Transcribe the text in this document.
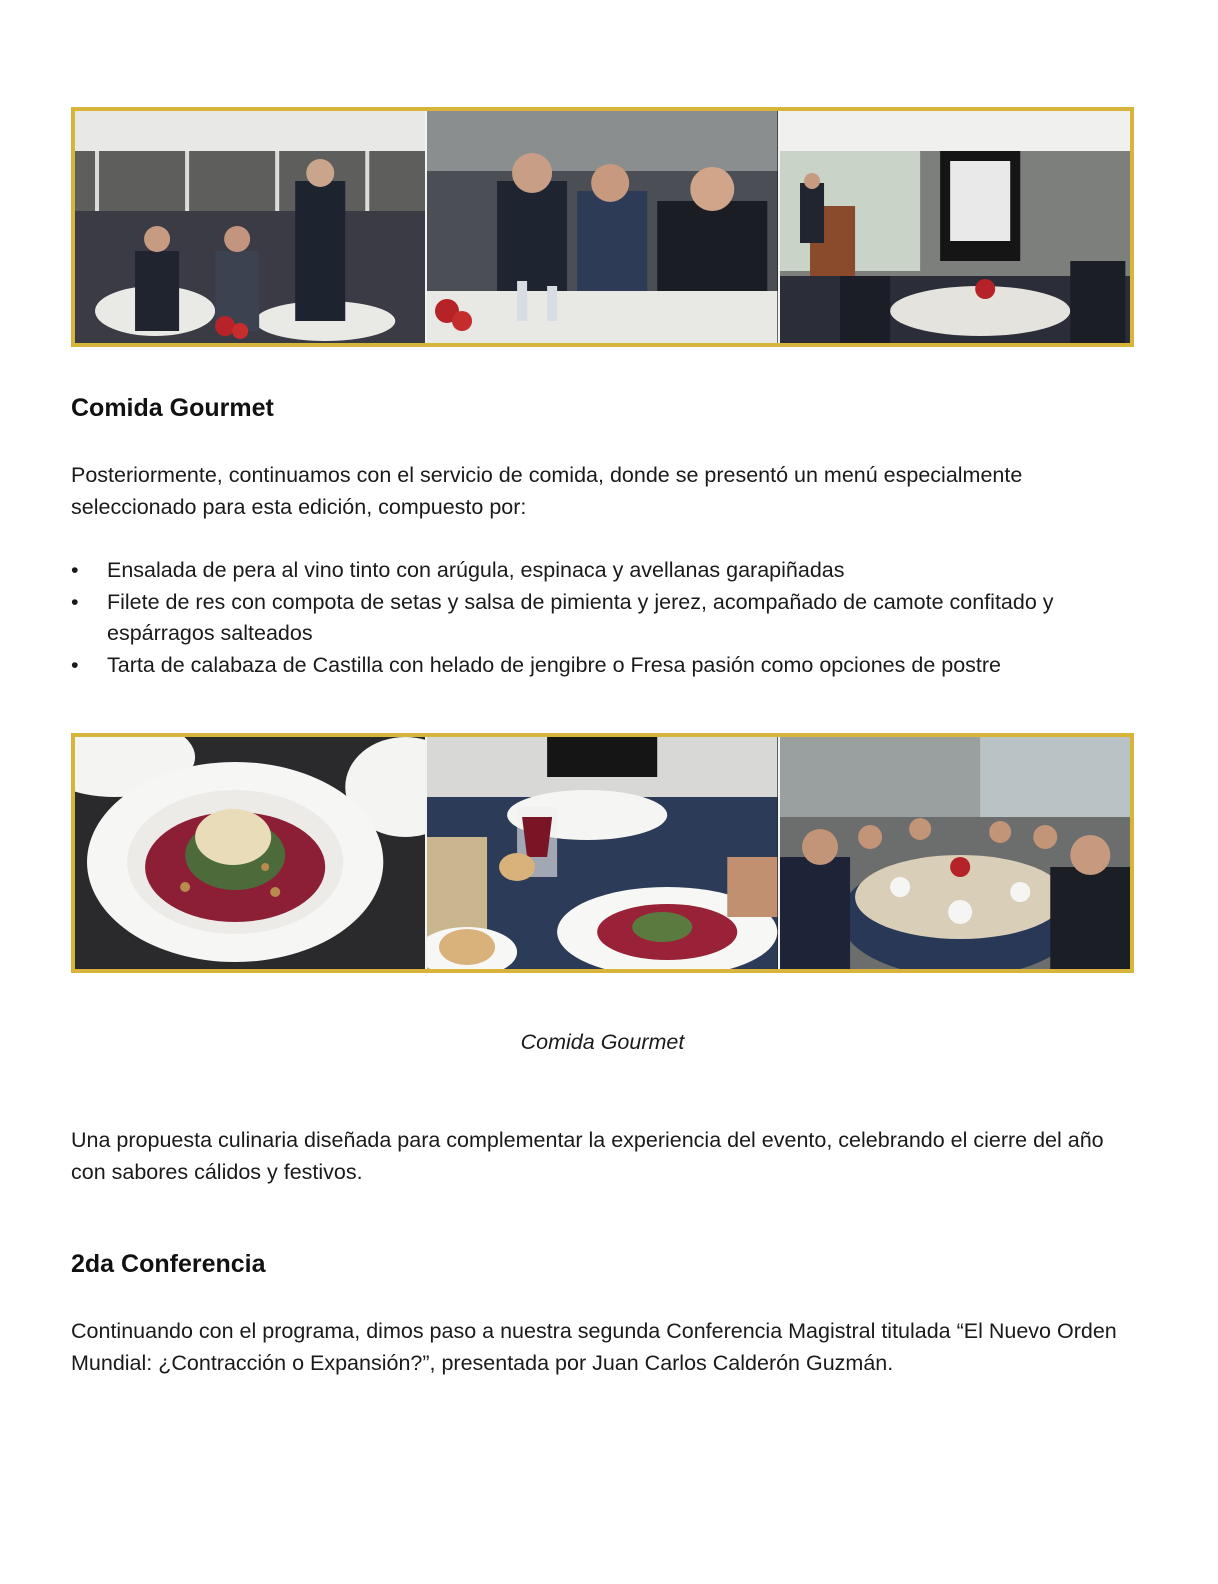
Comida Gourmet

Posteriormente, continuamos con el servicio de comida, donde se presentó un menú especialmente seleccionado para esta edición, compuesto por:

• Ensalada de pera al vino tinto con arúgula, espinaca y avellanas garapiñadas
• Filete de res con compota de setas y salsa de pimienta y jerez, acompañado de camote confitado y espárragos salteados
• Tarta de calabaza de Castilla con helado de jengibre o Fresa pasión como opciones de postre
Comida Gourmet

Una propuesta culinaria diseñada para complementar la experiencia del evento, celebrando el cierre del año con sabores cálidos y festivos.

2da Conferencia

Continuando con el programa, dimos paso a nuestra segunda Conferencia Magistral titulada “El Nuevo Orden Mundial: ¿Contracción o Expansión?”, presentada por Juan Carlos Calderón Guzmán.
